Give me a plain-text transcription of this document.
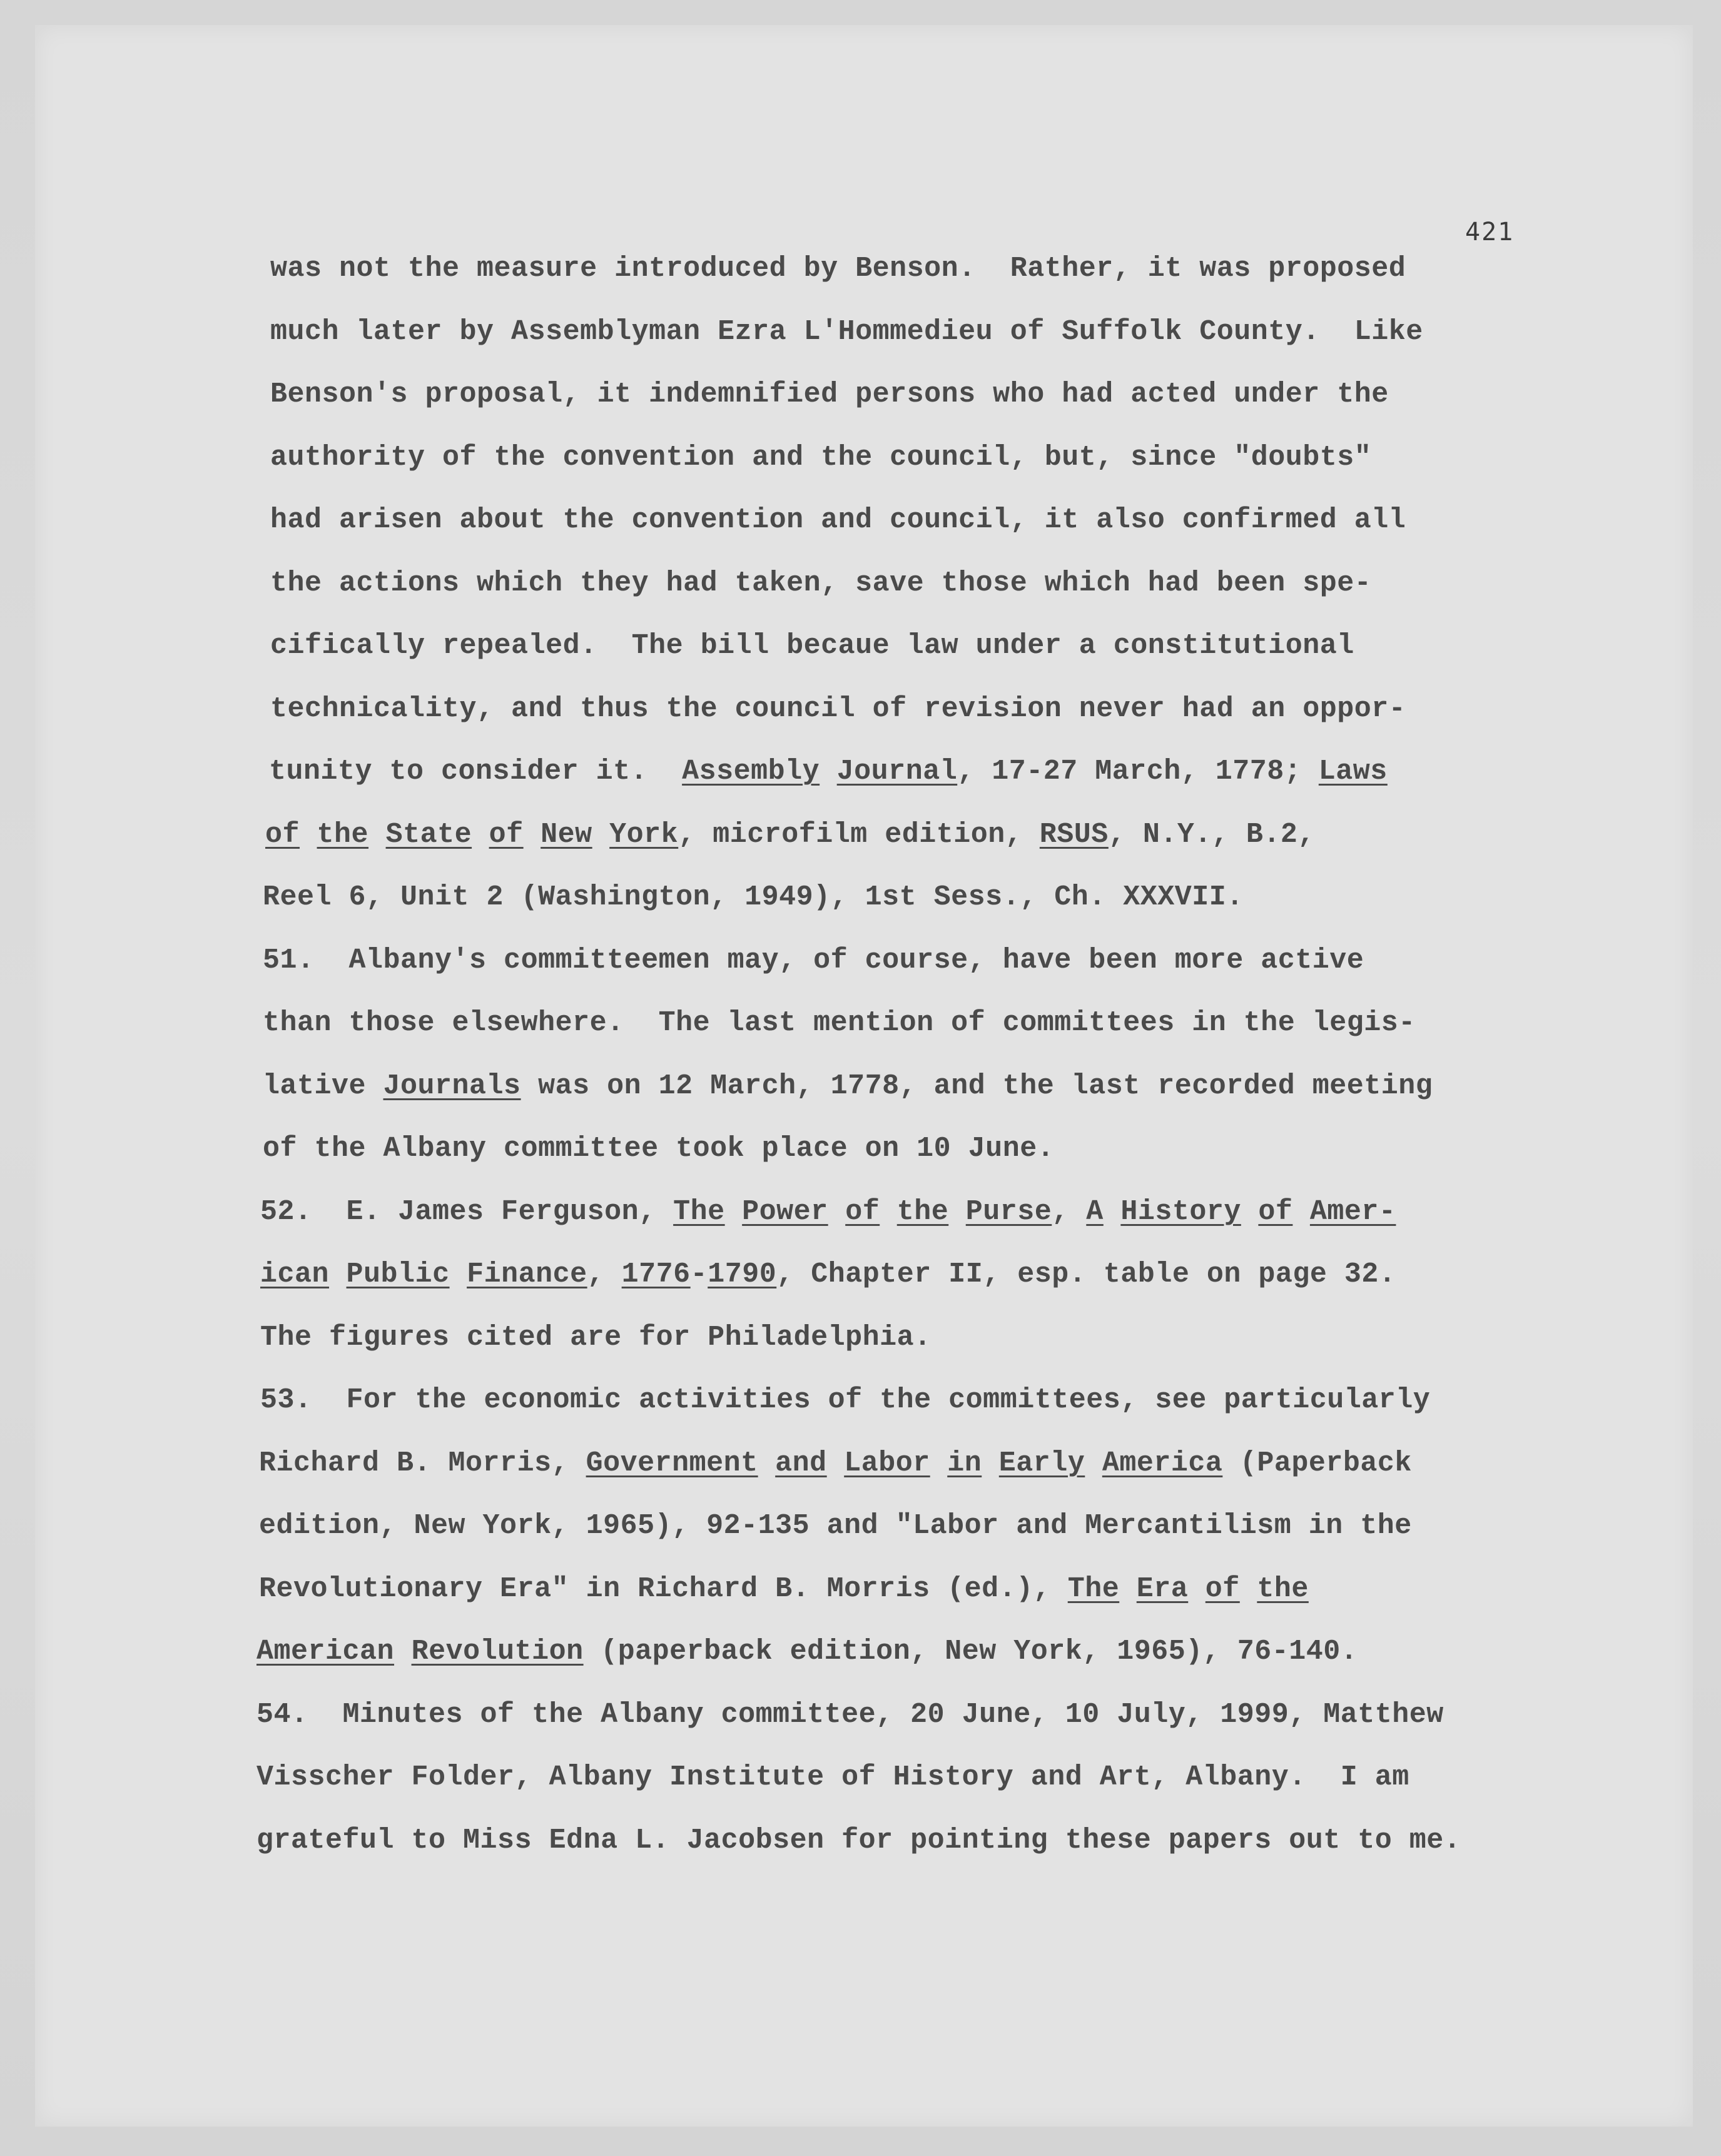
421
was not the measure introduced by Benson.  Rather, it was proposed
much later by Assemblyman Ezra L'Hommedieu of Suffolk County.  Like
Benson's proposal, it indemnified persons who had acted under the
authority of the convention and the council, but, since "doubts"
had arisen about the convention and council, it also confirmed all
the actions which they had taken, save those which had been spe-
cifically repealed.  The bill becaue law under a constitutional
technicality, and thus the council of revision never had an oppor-
tunity to consider it.  Assembly Journal, 17-27 March, 1778; Laws
of the State of New York, microfilm edition, RSUS, N.Y., B.2,
Reel 6, Unit 2 (Washington, 1949), 1st Sess., Ch. XXXVII.
51.  Albany's committeemen may, of course, have been more active
than those elsewhere.  The last mention of committees in the legis-
lative Journals was on 12 March, 1778, and the last recorded meeting
of the Albany committee took place on 10 June.
52.  E. James Ferguson, The Power of the Purse, A History of Amer-
ican Public Finance, 1776-1790, Chapter II, esp. table on page 32.
The figures cited are for Philadelphia.
53.  For the economic activities of the committees, see particularly
Richard B. Morris, Government and Labor in Early America (Paperback
edition, New York, 1965), 92-135 and "Labor and Mercantilism in the
Revolutionary Era" in Richard B. Morris (ed.), The Era of the
American Revolution (paperback edition, New York, 1965), 76-140.
54.  Minutes of the Albany committee, 20 June, 10 July, 1999, Matthew
Visscher Folder, Albany Institute of History and Art, Albany.  I am
grateful to Miss Edna L. Jacobsen for pointing these papers out to me.
